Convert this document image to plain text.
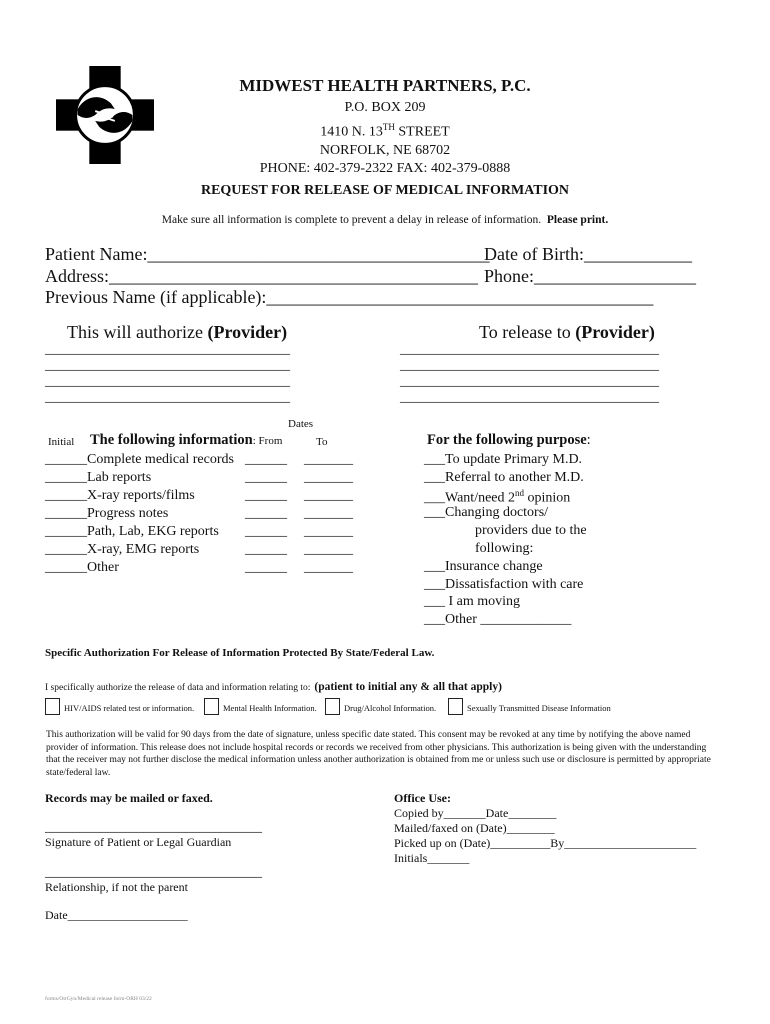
MIDWEST HEALTH PARTNERS, P.C.
P.O. BOX 209
1410 N. 13TH STREET
NORFOLK, NE 68702
PHONE: 402-379-2322 FAX: 402-379-0888
REQUEST FOR RELEASE OF MEDICAL INFORMATION
Make sure all information is complete to prevent a delay in release of information. Please print.
Patient Name:______________________________________
Date of Birth:____________
Address:_________________________________________ Phone:__________________
Previous Name (if applicable):___________________________________________
This will authorize (Provider)	To release to (Provider)
___________________________________
___________________________________
___________________________________
___________________________________
_____________________________________
_____________________________________
_____________________________________
_____________________________________
Dates
Initial The following information: From	To
______Complete medical records ______ _______
______Lab reports	______ _______
______X-ray reports/films	______ _______
______Progress notes	______ _______
______Path, Lab, EKG reports ______ _______
______X-ray, EMG reports	______ _______
______Other	______ _______
For the following purpose:
___To update Primary M.D.
___Referral to another M.D.
___Want/need 2nd opinion
___Changing doctors/
providers due to the
following:
___Insurance change
___Dissatisfaction with care
___ I am moving
___Other _____________
Specific Authorization For Release of Information Protected By State/Federal Law.
I specifically authorize the release of data and information relating to: (patient to initial any & all that apply)
HIV/AIDS related test or information.	Mental Health Information.	Drug/Alcohol Information.	Sexually Transmitted Disease Information
This authorization will be valid for 90 days from the date of signature, unless specific date stated. This consent may be revoked at any time by notifying the above named provider of information. This release does not include hospital records or records we received from other physicians. This authorization is being given with the understanding that the receiver may not further disclose the medical information unless another authorization is obtained from me or unless such use or disclosure is permitted by appropriate state/federal law.
Records may be mailed or faxed.
_______________________________
Signature of Patient or Legal Guardian
_______________________________
Relationship, if not the parent
Date____________________
Office Use:
Copied by_______Date________
Mailed/faxed on (Date)________
Picked up on (Date)__________By______________________
Initials_______
forms/OtrGyn/Medical release form-ORH 03/22
